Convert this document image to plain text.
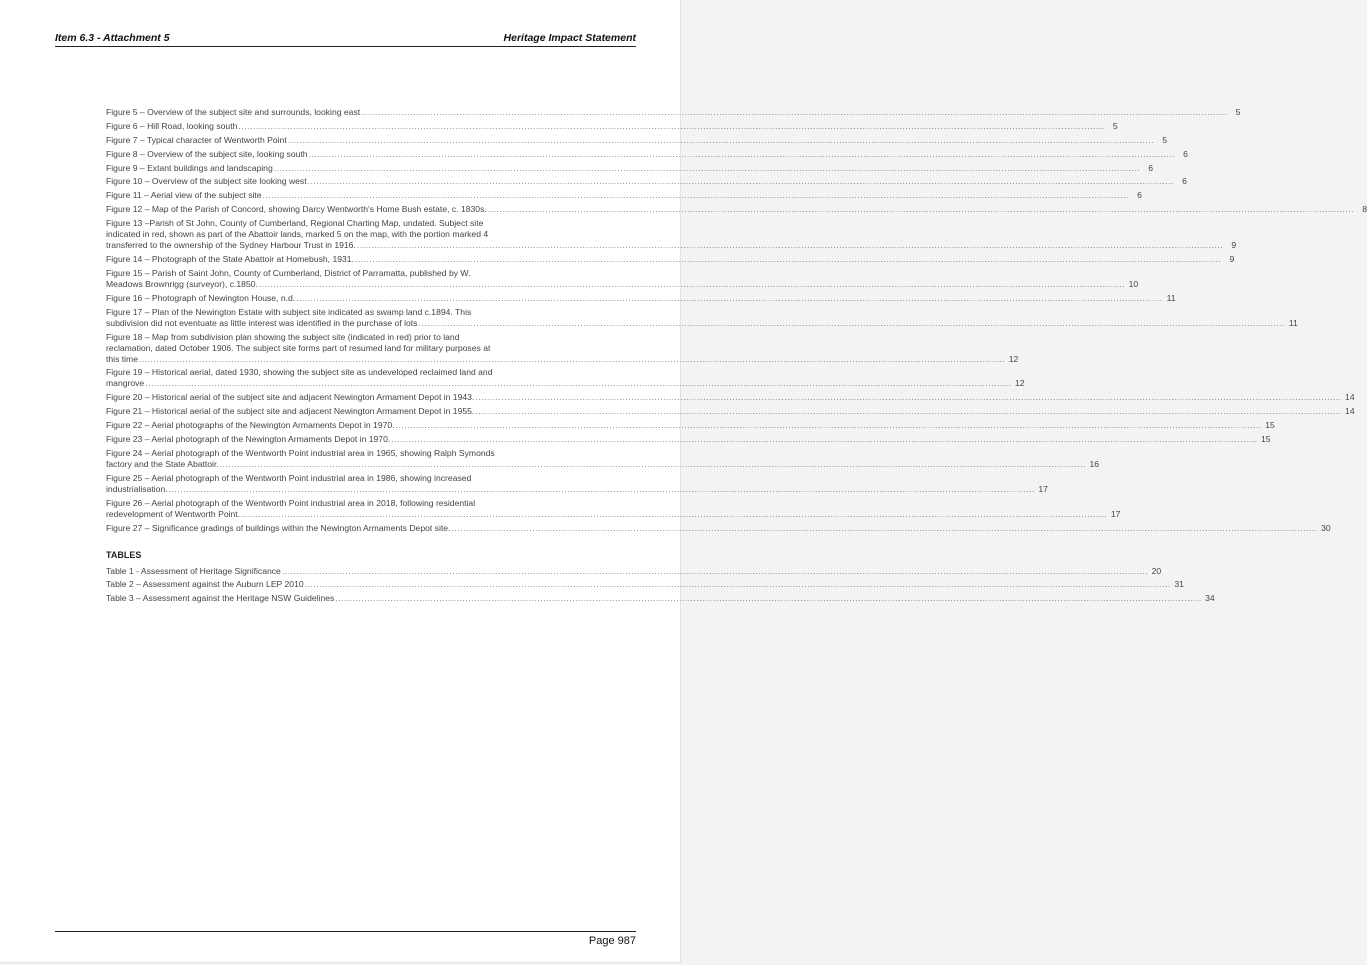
Item 6.3 - Attachment 5	Heritage Impact Statement
Figure 5 – Overview of the subject site and surrounds, looking east ............................................................................................................................................................................................................................................................................................................ 5
Figure 6 – Hill Road, looking south ............................................................................................................................................................................................................................................................................................................ 5
Figure 7 – Typical character of Wentworth Point ............................................................................................................................................................................................................................................................................................................ 5
Figure 8 – Overview of the subject site, looking south ............................................................................................................................................................................................................................................................................................................ 6
Figure 9 – Extant buildings and landscaping ............................................................................................................................................................................................................................................................................................................ 6
Figure 10 – Overview of the subject site looking west ............................................................................................................................................................................................................................................................................................................ 6
Figure 11 – Aerial view of the subject site ............................................................................................................................................................................................................................................................................................................ 6
Figure 12 – Map of the Parish of Concord, showing Darcy Wentworth's Home Bush estate, c. 1830s. ............................................................................................................................................................................................................................................................................................................ 8
Figure 13 –Parish of St John, County of Cumberland, Regional Charting Map, undated. Subject site
indicated in red, shown as part of the Abattoir lands, marked 5 on the map, with the portion marked 4
transferred to the ownership of the Sydney Harbour Trust in 1916. ............................................................................................................................................................................................................................................................................................................ 9
Figure 14 – Photograph of the State Abattoir at Homebush, 1931. ............................................................................................................................................................................................................................................................................................................ 9
Figure 15 – Parish of Saint John, County of Cumberland, District of Parramatta, published by W.
Meadows Brownrigg (surveyor), c.1850. ............................................................................................................................................................................................................................................................................................................ 10
Figure 16 – Photograph of Newington House, n.d. ............................................................................................................................................................................................................................................................................................................ 11
Figure 17 – Plan of the Newington Estate with subject site indicated as swamp land c.1894. This
subdivision did not eventuate as little interest was identified in the purchase of lots ............................................................................................................................................................................................................................................................................................................ 11
Figure 18 – Map from subdivision plan showing the subject site (indicated in red) prior to land
reclamation, dated October 1906. The subject site forms part of resumed land for military purposes at
this time ............................................................................................................................................................................................................................................................................................................ 12
Figure 19 – Historical aerial, dated 1930, showing the subject site as undeveloped reclaimed land and
mangrove ............................................................................................................................................................................................................................................................................................................ 12
Figure 20 – Historical aerial of the subject site and adjacent Newington Armament Depot in 1943. ............................................................................................................................................................................................................................................................................................................ 14
Figure 21 – Historical aerial of the subject site and adjacent Newington Armament Depot in 1955. ............................................................................................................................................................................................................................................................................................................ 14
Figure 22 – Aerial photographs of the Newington Armaments Depot in 1970. ............................................................................................................................................................................................................................................................................................................ 15
Figure 23 – Aerial photograph of the Newington Armaments Depot in 1970. ............................................................................................................................................................................................................................................................................................................ 15
Figure 24 – Aerial photograph of the Wentworth Point industrial area in 1965, showing Ralph Symonds
factory and the State Abattoir. ............................................................................................................................................................................................................................................................................................................ 16
Figure 25 – Aerial photograph of the Wentworth Point industrial area in 1986, showing increased
industrialisation. ............................................................................................................................................................................................................................................................................................................ 17
Figure 26 – Aerial photograph of the Wentworth Point industrial area in 2018, following residential
redevelopment of Wentworth Point. ............................................................................................................................................................................................................................................................................................................ 17
Figure 27 – Significance gradings of buildings within the Newington Armaments Depot site. ............................................................................................................................................................................................................................................................................................................ 30
TABLES
Table 1 - Assessment of Heritage Significance ............................................................................................................................................................................................................................................................................................................ 20
Table 2 – Assessment against the Auburn LEP 2010 ............................................................................................................................................................................................................................................................................................................ 31
Table 3 – Assessment against the Heritage NSW Guidelines ............................................................................................................................................................................................................................................................................................................ 34
Page 987
